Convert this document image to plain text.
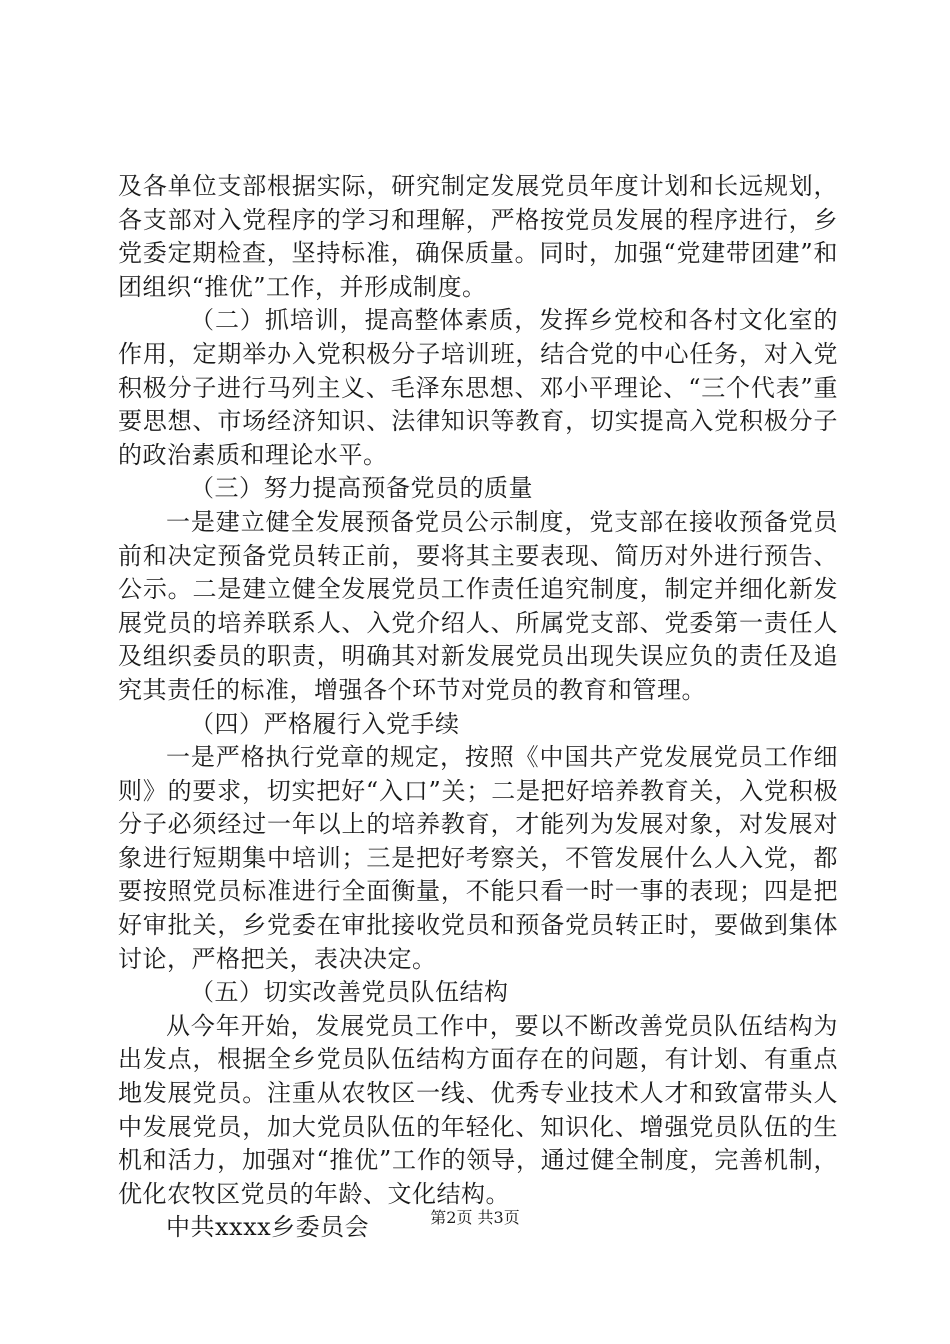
及各单位支部根据实际，研究制定发展党员年度计划和长远规划，各支部对入党程序的学习和理解，严格按党员发展的程序进行，乡党委定期检查，坚持标准，确保质量。同时，加强“党建带团建”和团组织“推优”工作，并形成制度。

（二）抓培训，提高整体素质，发挥乡党校和各村文化室的作用，定期举办入党积极分子培训班，结合党的中心任务，对入党积极分子进行马列主义、毛泽东思想、邓小平理论、“三个代表”重要思想、市场经济知识、法律知识等教育，切实提高入党积极分子的政治素质和理论水平。

（三）努力提高预备党员的质量

一是建立健全发展预备党员公示制度，党支部在接收预备党员前和决定预备党员转正前，要将其主要表现、简历对外进行预告、公示。二是建立健全发展党员工作责任追究制度，制定并细化新发展党员的培养联系人、入党介绍人、所属党支部、党委第一责任人及组织委员的职责，明确其对新发展党员出现失误应负的责任及追究其责任的标准，增强各个环节对党员的教育和管理。

（四）严格履行入党手续

一是严格执行党章的规定，按照《中国共产党发展党员工作细则》的要求，切实把好“入口”关；二是把好培养教育关，入党积极分子必须经过一年以上的培养教育，才能列为发展对象，对发展对象进行短期集中培训；三是把好考察关，不管发展什么人入党，都要按照党员标准进行全面衡量，不能只看一时一事的表现；四是把好审批关，乡党委在审批接收党员和预备党员转正时，要做到集体讨论，严格把关，表决决定。

（五）切实改善党员队伍结构

从今年开始，发展党员工作中，要以不断改善党员队伍结构为出发点，根据全乡党员队伍结构方面存在的问题，有计划、有重点地发展党员。注重从农牧区一线、优秀专业技术人才和致富带头人中发展党员，加大党员队伍的年轻化、知识化、增强党员队伍的生机和活力，加强对“推优”工作的领导，通过健全制度，完善机制，优化农牧区党员的年龄、文化结构。

中共xxxx乡委员会	第2页 共3页
